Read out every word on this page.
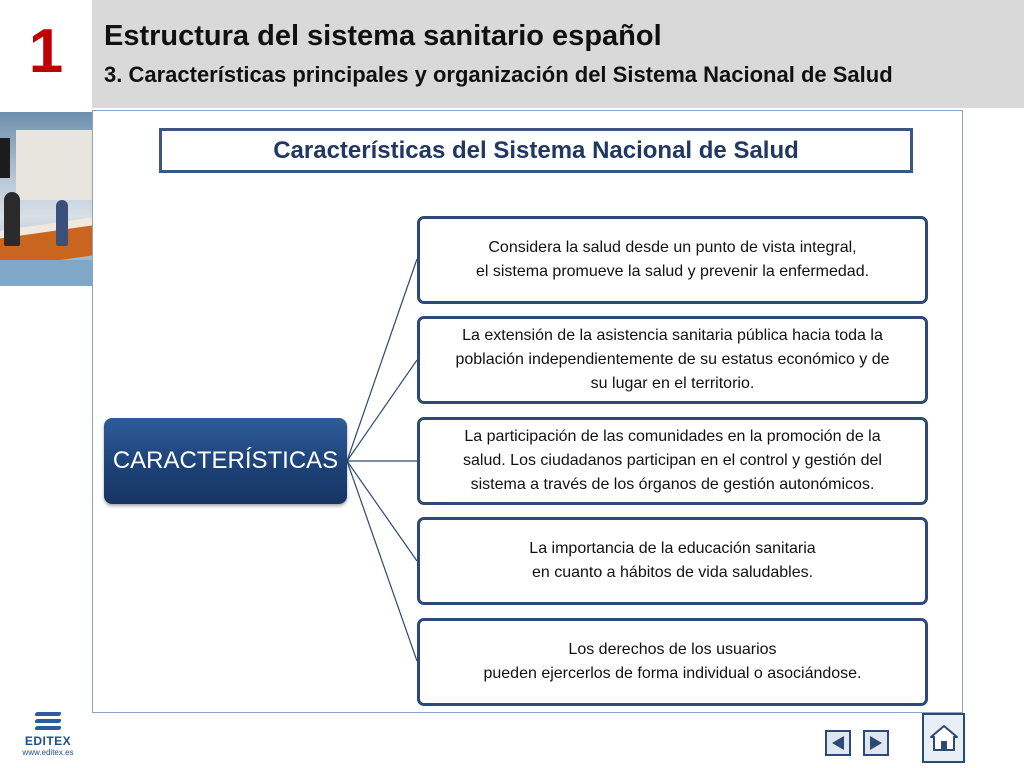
1 Estructura del sistema sanitario español
3. Características principales y organización del Sistema Nacional de Salud
Características del Sistema Nacional de Salud
CARACTERÍSTICAS
Considera la salud desde un punto de vista integral,
el sistema promueve la salud y prevenir la enfermedad.
La extensión de la asistencia sanitaria pública hacia toda la
población independientemente de su estatus económico y de
su lugar en el territorio.
La participación de las comunidades en la promoción de la
salud. Los ciudadanos participan en el control y gestión del
sistema a través de los órganos de gestión autonómicos.
La importancia de la educación sanitaria
en cuanto a hábitos de vida saludables.
Los derechos de los usuarios
pueden ejercerlos de forma individual o asociándose.
EDITEX
www.editex.es
